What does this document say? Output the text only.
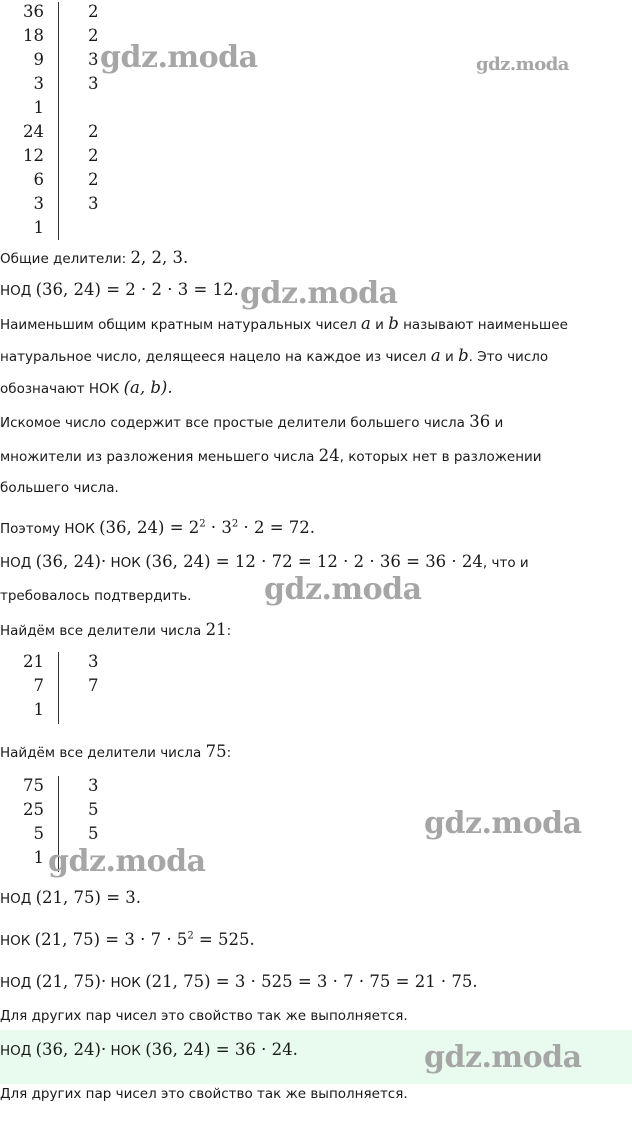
36
18
9
3
1
2
2
3
3
24
12
6
3
1
2
2
2
3
Общие делители: 2, 2, 3.
НОД (36, 24) = 2 · 2 · 3 = 12.
Наименьшим общим кратным натуральных чисел a и b называют наименьшее
натуральное число, делящееся нацело на каждое из чисел a и b. Это число
обозначают НОК (a, b).
Искомое число содержит все простые делители большего числа 36 и
множители из разложения меньшего числа 24, которых нет в разложении
большего числа.
Поэтому НОК (36, $24) = 2^2 \cdot 3^2 \cdot 2 = 72$.
НОД (36, 24)· НОК (36, 24) = 12 · 72 = 12 · 2 · 36 = 36 · 24, что и
требовалось подтвердить.
Найдём все делители числа 21:
21
7
1
3
7
Найдём все делители числа 75:
75
25
5
1
3
5
5
НОД (21, 75) = 3.
НОК (21, $75) = 3 \cdot 7 \cdot 5^2 = 525$.
НОД (21, 75)· НОК (21, 75) = 3 · 525 = 3 · 7 · 75 = 21 · 75.
Для других пар чисел это свойство так же выполняется.
НОД (36, 24)· НОК (36, 24) = 36 · 24.
Для других пар чисел это свойство так же выполняется.
gdz.moda	gdz.moda
gdz.moda
gdz.moda
gdz.moda
gdz.moda
gdz.moda
